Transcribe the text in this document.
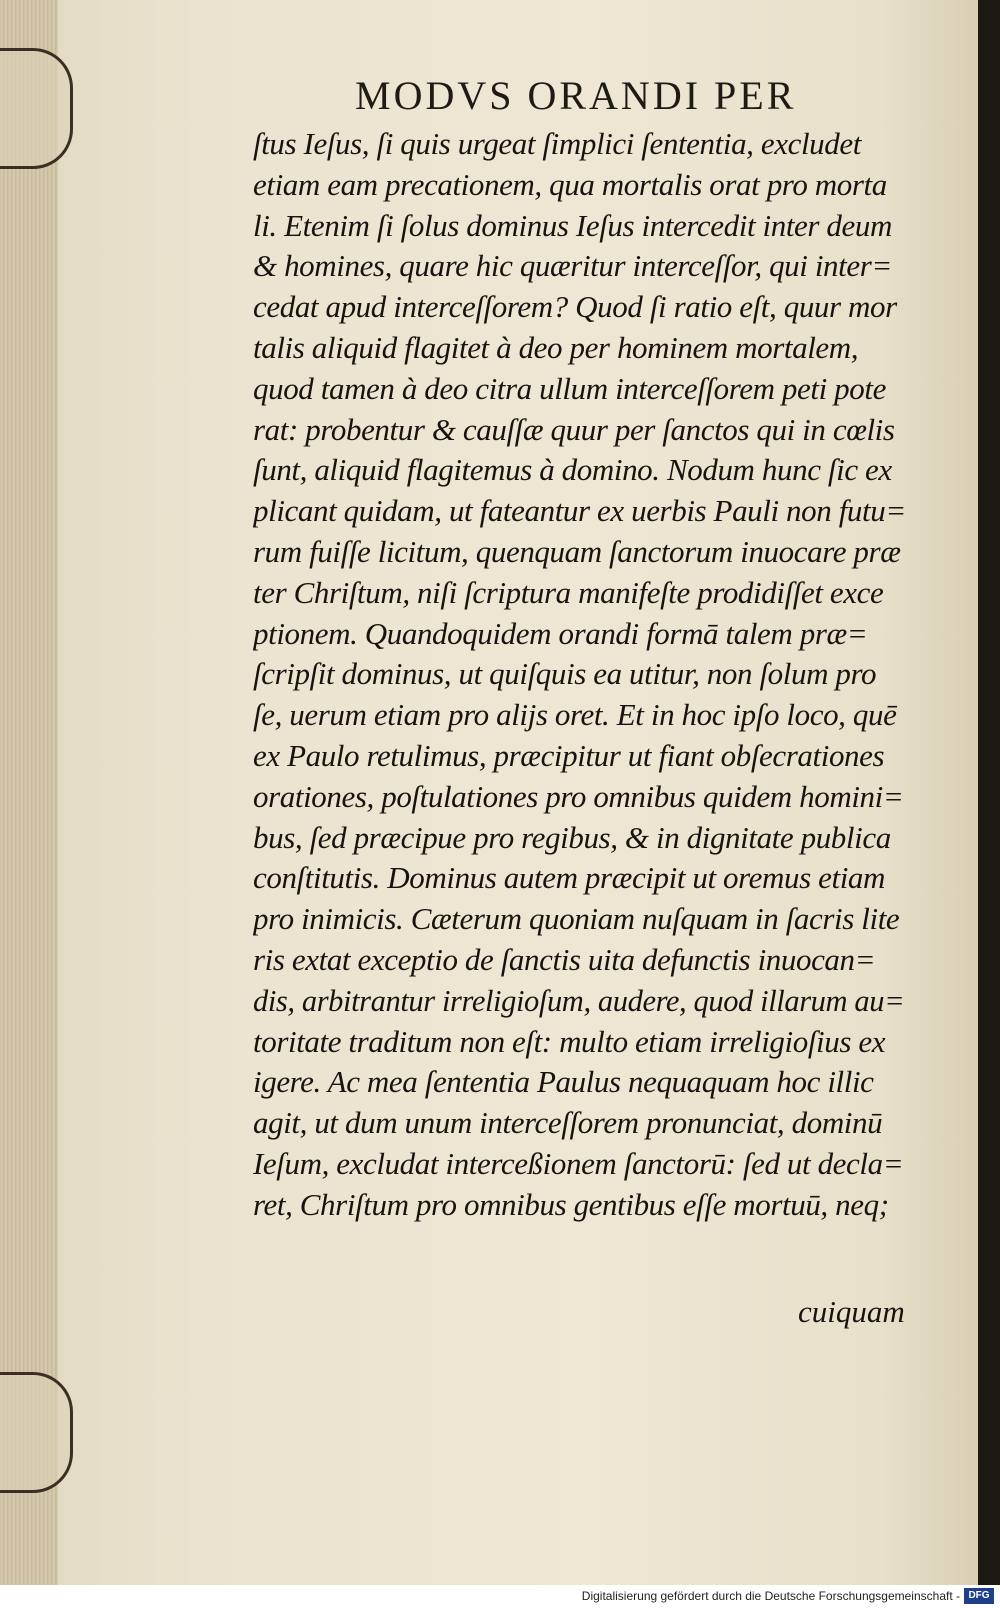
MODVS ORANDI PER
ſtus Ieſus, ſi quis urgeat ſimplici ſententia, excludet
etiam eam precationem, qua mortalis orat pro morta
li. Etenim ſi ſolus dominus Ieſus intercedit inter deum
& homines, quare hic quæritur interceſſor, qui inter=
cedat apud interceſſorem? Quod ſi ratio eſt, quur mor
talis aliquid flagitet à deo per hominem mortalem,
quod tamen à deo citra ullum interceſſorem peti pote
rat: probentur & cauſſæ quur per ſanctos qui in cœlis
ſunt, aliquid flagitemus à domino. Nodum hunc ſic ex
plicant quidam, ut fateantur ex uerbis Pauli non futu=
rum fuiſſe licitum, quenquam ſanctorum inuocare præ
ter Chriſtum, niſi ſcriptura manifeſte prodidiſſet exce
ptionem. Quandoquidem orandi formā talem præ=
ſcripſit dominus, ut quiſquis ea utitur, non ſolum pro
ſe, uerum etiam pro alijs oret. Et in hoc ipſo loco, quē
ex Paulo retulimus, præcipitur ut fiant obſecrationes
orationes, poſtulationes pro omnibus quidem homini=
bus, ſed præcipue pro regibus, & in dignitate publica
conſtitutis. Dominus autem præcipit ut oremus etiam
pro inimicis. Cæterum quoniam nuſquam in ſacris lite
ris extat exceptio de ſanctis uita defunctis inuocan=
dis, arbitrantur irreligioſum, audere, quod illarum au=
toritate traditum non eſt: multo etiam irreligioſius ex
igere. Ac mea ſententia Paulus nequaquam hoc illic
agit, ut dum unum interceſſorem pronunciat, dominū
Ieſum, excludat interceßionem ſanctorū: ſed ut decla=
ret, Chriſtum pro omnibus gentibus eſſe mortuū, neq;
cuiquam
Digitalisierung gefördert durch die Deutsche Forschungsgemeinschaft - DFG
